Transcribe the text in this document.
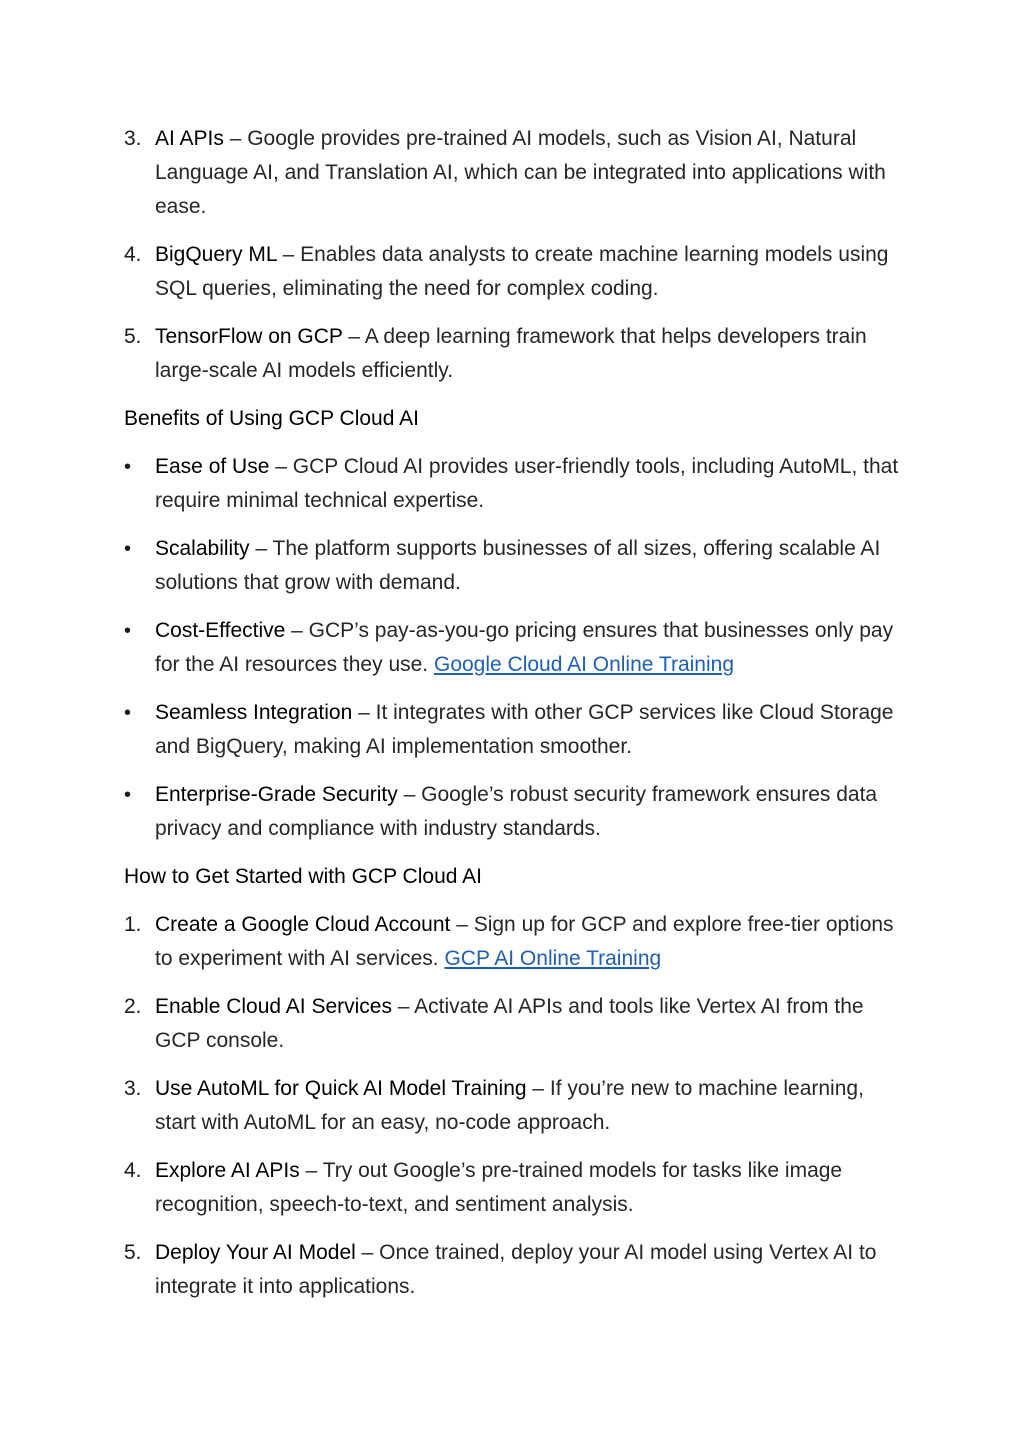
3. AI APIs – Google provides pre-trained AI models, such as Vision AI, Natural Language AI, and Translation AI, which can be integrated into applications with ease.
4. BigQuery ML – Enables data analysts to create machine learning models using SQL queries, eliminating the need for complex coding.
5. TensorFlow on GCP – A deep learning framework that helps developers train large-scale AI models efficiently.
Benefits of Using GCP Cloud AI
• Ease of Use – GCP Cloud AI provides user-friendly tools, including AutoML, that require minimal technical expertise.
• Scalability – The platform supports businesses of all sizes, offering scalable AI solutions that grow with demand.
• Cost-Effective – GCP’s pay-as-you-go pricing ensures that businesses only pay for the AI resources they use. Google Cloud AI Online Training
• Seamless Integration – It integrates with other GCP services like Cloud Storage and BigQuery, making AI implementation smoother.
• Enterprise-Grade Security – Google’s robust security framework ensures data privacy and compliance with industry standards.
How to Get Started with GCP Cloud AI
1. Create a Google Cloud Account – Sign up for GCP and explore free-tier options to experiment with AI services. GCP AI Online Training
2. Enable Cloud AI Services – Activate AI APIs and tools like Vertex AI from the GCP console.
3. Use AutoML for Quick AI Model Training – If you’re new to machine learning, start with AutoML for an easy, no-code approach.
4. Explore AI APIs – Try out Google’s pre-trained models for tasks like image recognition, speech-to-text, and sentiment analysis.
5. Deploy Your AI Model – Once trained, deploy your AI model using Vertex AI to integrate it into applications.
